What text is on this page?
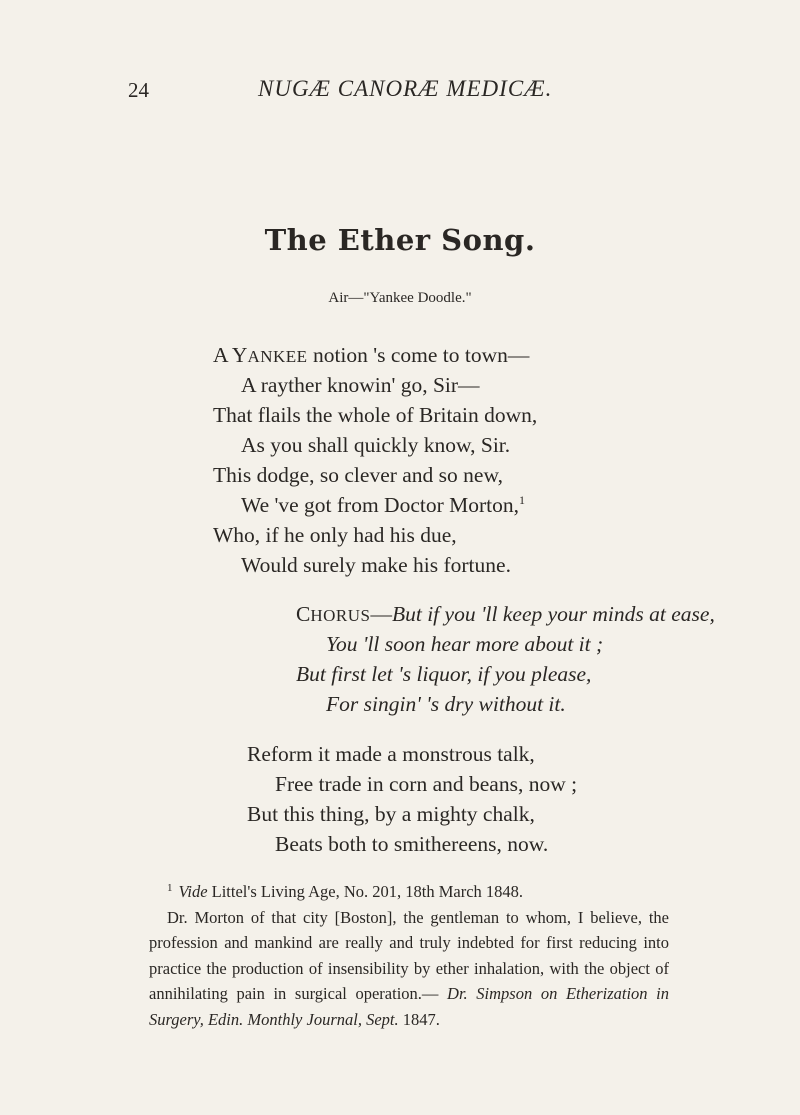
24	NUGÆ CANORÆ MEDICÆ.
The Ether Song.
Air—"Yankee Doodle."
A YANKEE notion 's come to town—
A rayther knowin' go, Sir—
That flails the whole of Britain down,
As you shall quickly know, Sir.
This dodge, so clever and so new,
We 've got from Doctor Morton,$^1$
Who, if he only had his due,
Would surely make his fortune.
CHORUS—But if you 'll keep your minds at ease,
You 'll soon hear more about it ;
But first let 's liquor, if you please,
For singin' 's dry without it.
Reform it made a monstrous talk,
Free trade in corn and beans, now ;
But this thing, by a mighty chalk,
Beats both to smithereens, now.
$^1$ Vide Littel's Living Age, No. 201, 18th March 1848.
Dr. Morton of that city [Boston], the gentleman to whom, I believe, the profession and mankind are really and truly indebted for first reducing into practice the production of insensibility by ether inhalation, with the object of annihilating pain in surgical operation.— Dr. Simpson on Etherization in Surgery, Edin. Monthly Journal, Sept. 1847.
